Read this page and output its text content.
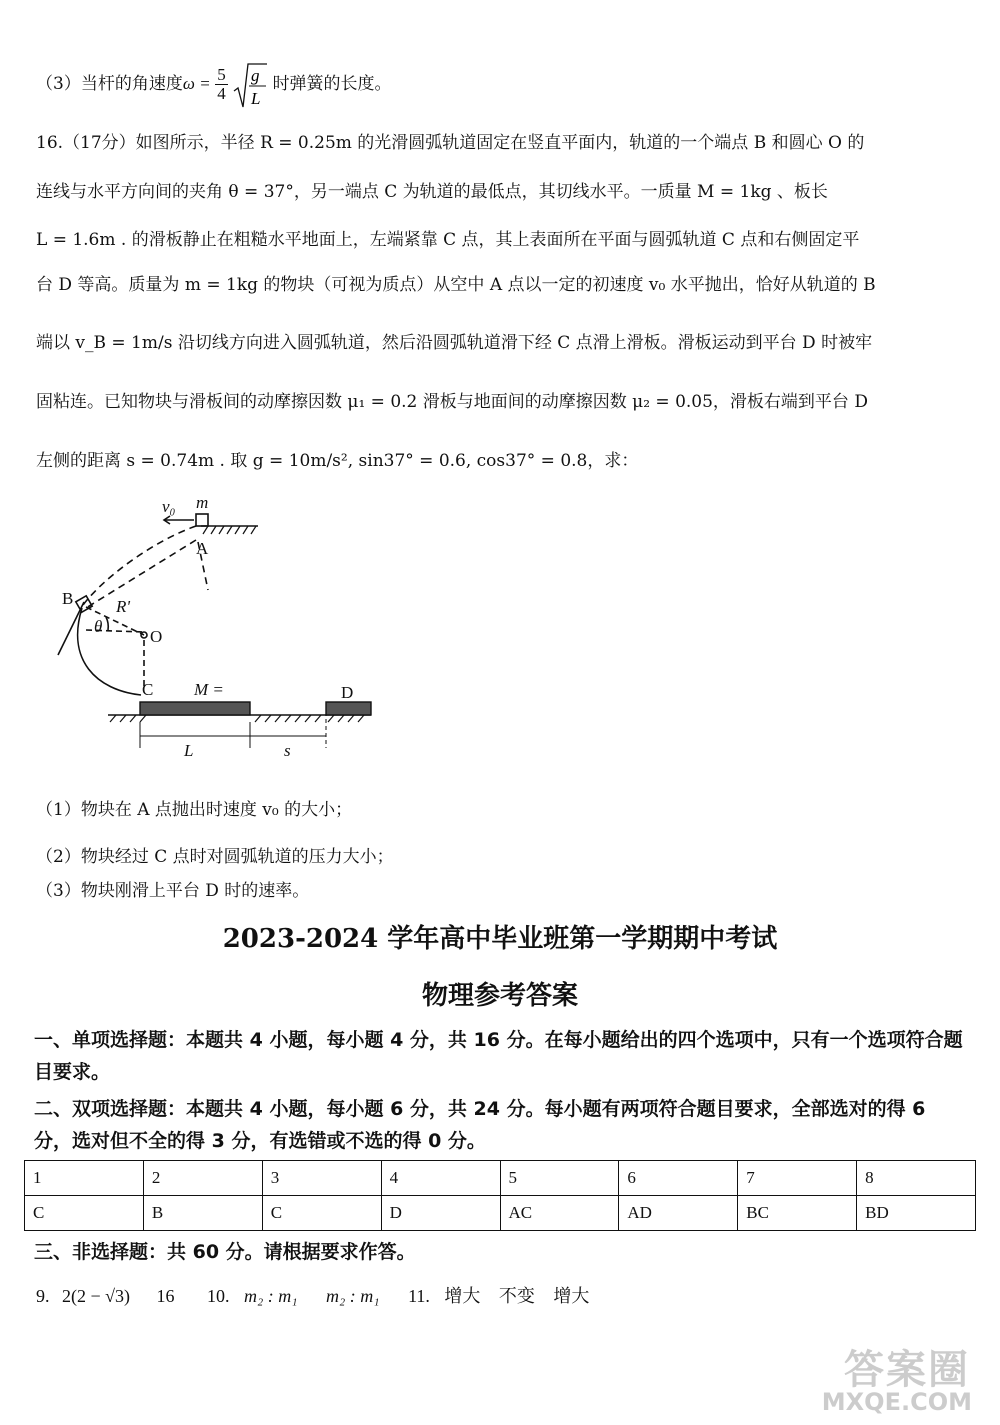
（3）当杆的角速度$\omega = \frac{5}{4}$
g
L
时弹簧的长度。
16.（17分）如图所示，半径 R = 0.25m 的光滑圆弧轨道固定在竖直平面内，轨道的一个端点 B 和圆心 O 的
连线与水平方向间的夹角 θ = 37°，另一端点 C 为轨道的最低点，其切线水平。一质量 M = 1kg 、板长
L = 1.6m . 的滑板静止在粗糙水平地面上，左端紧靠 C 点，其上表面所在平面与圆弧轨道 C 点和右侧固定平
台 D 等高。质量为 m = 1kg 的物块（可视为质点）从空中 A 点以一定的初速度 v₀ 水平抛出，恰好从轨道的 B
端以 v_B = 1m/s 沿切线方向进入圆弧轨道，然后沿圆弧轨道滑下经 C 点滑上滑板。滑板运动到平台 D 时被牢
固粘连。已知物块与滑板间的动摩擦因数 μ₁ = 0.2 滑板与地面间的动摩擦因数 μ₂ = 0.05，滑板右端到平台 D
左侧的距离 s = 0.74m . 取 g = 10m/s², sin37° = 0.6, cos37° = 0.8，求：
v₀ m
A
B	R'
θ
O
C M =	D
L	s
（1）物块在 A 点抛出时速度 v₀ 的大小；
（2）物块经过 C 点时对圆弧轨道的压力大小；
（3）物块刚滑上平台 D 时的速率。
2023-2024 学年高中毕业班第一学期期中考试
物理参考答案
一、单项选择题：本题共 4 小题，每小题 4 分，共 16 分。在每小题给出的四个选项中，只有一个选项符合题目要求。
二、双项选择题：本题共 4 小题，每小题 6 分，共 24 分。每小题有两项符合题目要求，全部选对的得 6 分，选对但不全的得 3 分，有选错或不选的得 0 分。
1	2	3	4	5	6	7	8
C	B	C	D	AC	AD	BC	BD
三、非选择题：共 60 分。请根据要求作答。
9. 2(2 − √3) 16 10. m₂ : m₁ m₂ : m₁ 11. 增大 不变 增大
答案圈
MXQE.COM
